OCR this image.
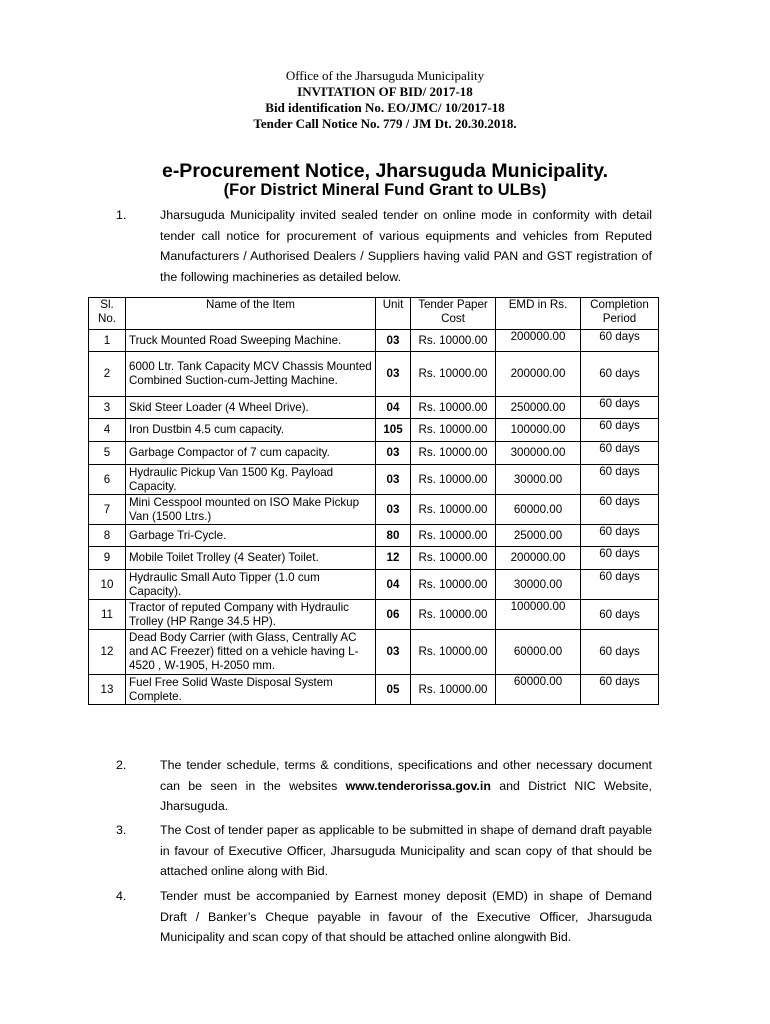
Office of the Jharsuguda Municipality
INVITATION OF BID/ 2017-18
Bid identification No. EO/JMC/ 10/2017-18
Tender Call Notice No. 779 / JM Dt. 20.30.2018.
e-Procurement Notice, Jharsuguda Municipality.
(For District Mineral Fund Grant to ULBs)
1.	Jharsuguda Municipality invited sealed tender on online mode in conformity with detail tender call notice for procurement of various equipments and vehicles from Reputed Manufacturers / Authorised Dealers / Suppliers having valid PAN and GST registration of the following machineries as detailed below.
Sl. No.	Name of the Item	Unit	Tender Paper Cost	EMD in Rs.	Completion Period
1	Truck Mounted Road Sweeping Machine.	03	Rs. 10000.00	200000.00	60 days
2	6000 Ltr. Tank Capacity MCV Chassis Mounted Combined Suction-cum-Jetting Machine.	03	Rs. 10000.00	200000.00	60 days
3	Skid Steer Loader (4 Wheel Drive).	04	Rs. 10000.00	250000.00	60 days
4	Iron Dustbin 4.5 cum capacity.	105	Rs. 10000.00	100000.00	60 days
5	Garbage Compactor of 7 cum capacity.	03	Rs. 10000.00	300000.00	60 days
6	Hydraulic Pickup Van 1500 Kg. Payload Capacity.	03	Rs. 10000.00	30000.00	60 days
7	Mini Cesspool mounted on ISO Make Pickup Van (1500 Ltrs.)	03	Rs. 10000.00	60000.00	60 days
8	Garbage Tri-Cycle.	80	Rs. 10000.00	25000.00	60 days
9	Mobile Toilet Trolley (4 Seater) Toilet.	12	Rs. 10000.00	200000.00	60 days
10	Hydraulic Small Auto Tipper (1.0 cum Capacity).	04	Rs. 10000.00	30000.00	60 days
11	Tractor of reputed Company with Hydraulic Trolley (HP Range 34.5 HP).	06	Rs. 10000.00	100000.00	60 days
12	Dead Body Carrier (with Glass, Centrally AC and AC Freezer) fitted on a vehicle having L-4520 , W-1905, H-2050 mm.	03	Rs. 10000.00	60000.00	60 days
13	Fuel Free Solid Waste Disposal System Complete.	05	Rs. 10000.00	60000.00	60 days
2.	The tender schedule, terms & conditions, specifications and other necessary document can be seen in the websites www.tenderorissa.gov.in and District NIC Website, Jharsuguda.
3.	The Cost of tender paper as applicable to be submitted in shape of demand draft payable in favour of Executive Officer, Jharsuguda Municipality and scan copy of that should be attached online along with Bid.
4.	Tender must be accompanied by Earnest money deposit (EMD) in shape of Demand Draft / Banker’s Cheque payable in favour of the Executive Officer, Jharsuguda Municipality and scan copy of that should be attached online alongwith Bid.
